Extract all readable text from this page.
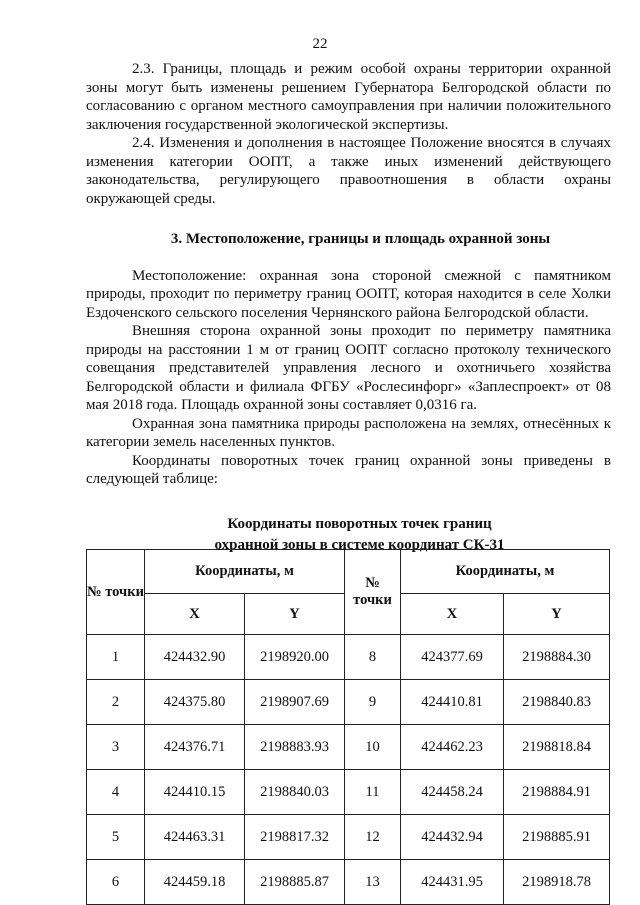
22

2.3. Границы, площадь и режим особой охраны территории охранной зоны могут быть изменены решением Губернатора Белгородской области по согласованию с органом местного самоуправления при наличии положительного заключения государственной экологической экспертизы.

2.4. Изменения и дополнения в настоящее Положение вносятся в случаях изменения категории ООПТ, а также иных изменений действующего законодательства, регулирующего правоотношения в области охраны окружающей среды.

3. Местоположение, границы и площадь охранной зоны

Местоположение: охранная зона стороной смежной с памятником природы, проходит по периметру границ ООПТ, которая находится в селе Холки Ездоченского сельского поселения Чернянского района Белгородской области.

Внешняя сторона охранной зоны проходит по периметру памятника природы на расстоянии 1 м от границ ООПТ согласно протоколу технического совещания представителей управления лесного и охотничьего хозяйства Белгородской области и филиала ФГБУ «Рослесинфорг» «Заплеспроект» от 08 мая 2018 года. Площадь охранной зоны составляет 0,0316 га.

Охранная зона памятника природы расположена на землях, отнесённых к категории земель населенных пунктов.

Координаты поворотных точек границ охранной зоны приведены в следующей таблице:

Координаты поворотных точек границ
охранной зоны в системе координат СК-31
№ точки	Координаты, м		№ точки	Координаты, м	
	X	Y		X	Y
1	424432.90	2198920.00	8	424377.69	2198884.30
2	424375.80	2198907.69	9	424410.81	2198840.83
3	424376.71	2198883.93	10	424462.23	2198818.84
4	424410.15	2198840.03	11	424458.24	2198884.91
5	424463.31	2198817.32	12	424432.94	2198885.91
6	424459.18	2198885.87	13	424431.95	2198918.78
